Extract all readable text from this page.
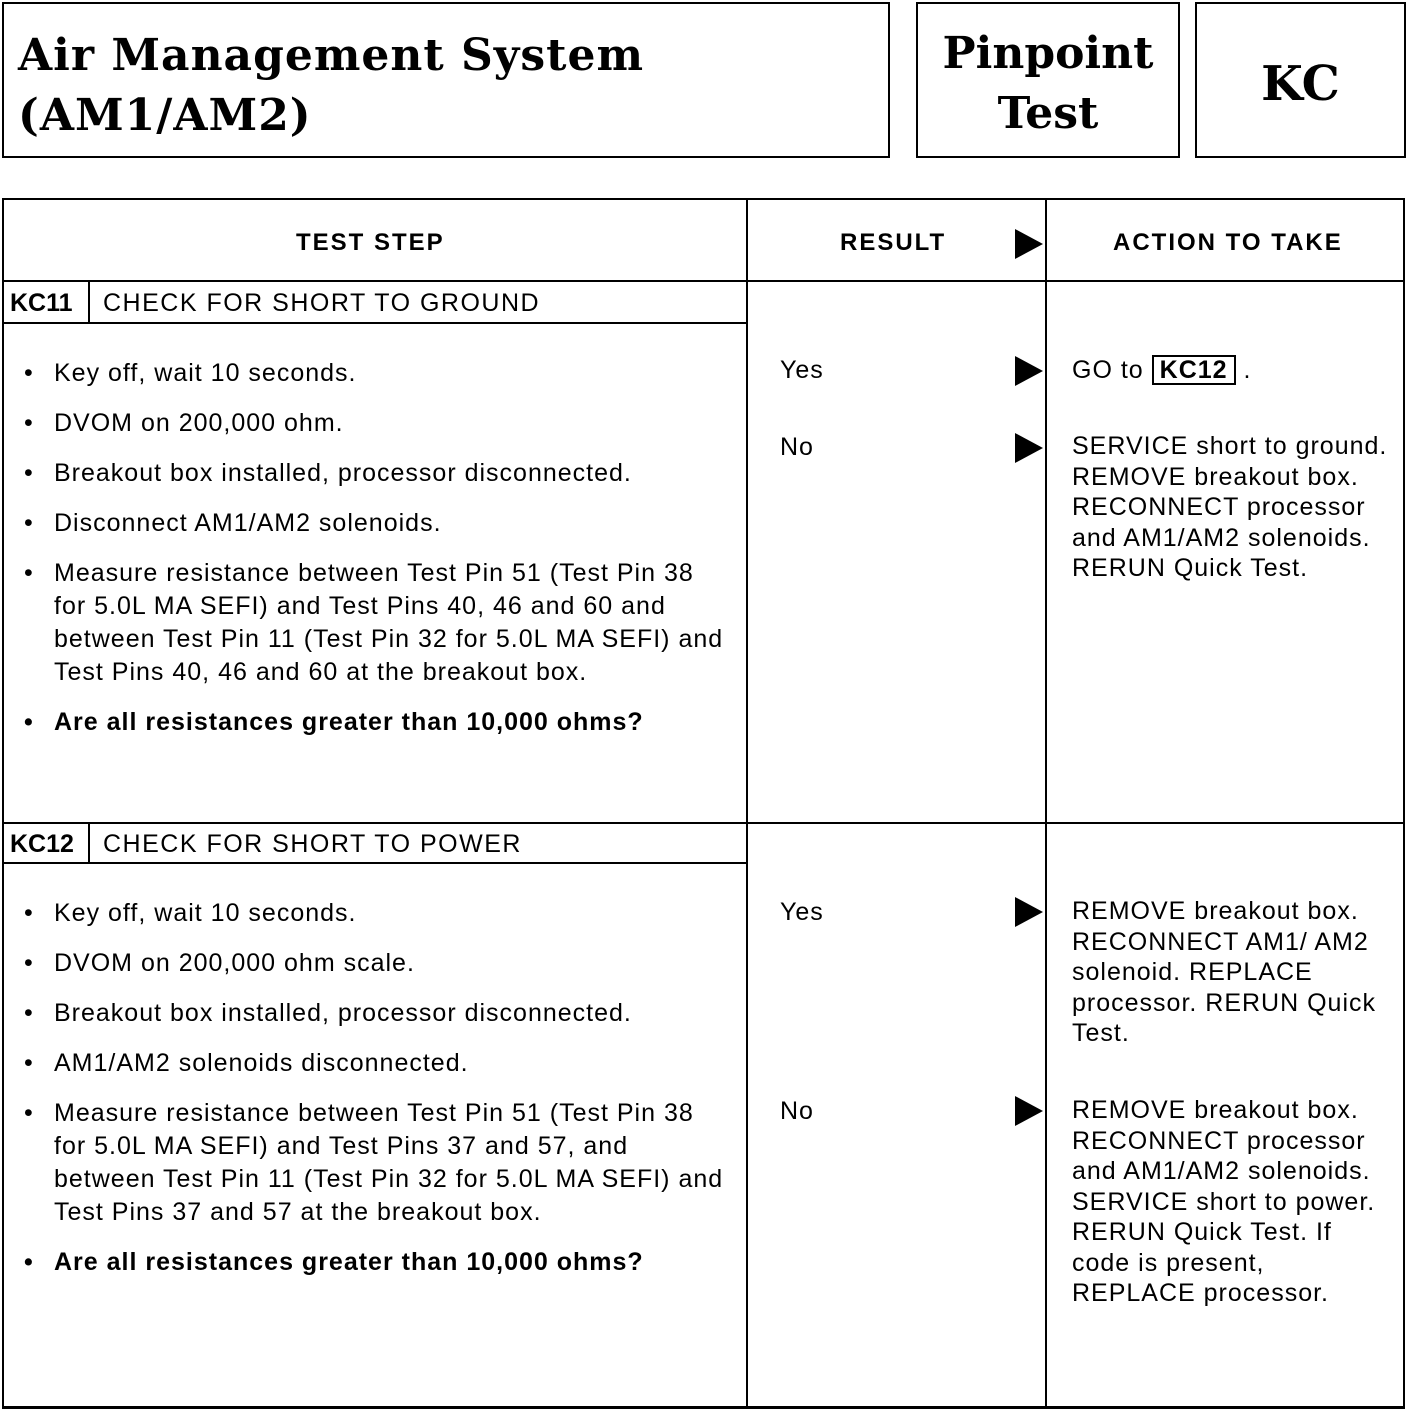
Air Management System
(AM1/AM2)
Pinpoint
Test
KC
TEST STEP	RESULT	ACTION TO TAKE
KC11 CHECK FOR SHORT TO GROUND
• Key off, wait 10 seconds.
• DVOM on 200,000 ohm.
• Breakout box installed, processor disconnected.
• Disconnect AM1/AM2 solenoids.
• Measure resistance between Test Pin 51 (Test Pin 38 for 5.0L MA SEFI) and Test Pins 40, 46 and 60 and between Test Pin 11 (Test Pin 32 for 5.0L MA SEFI) and Test Pins 40, 46 and 60 at the breakout box.
• Are all resistances greater than 10,000 ohms?
Yes	GO to KC12 .
No	SERVICE short to ground. REMOVE breakout box. RECONNECT processor and AM1/AM2 solenoids. RERUN Quick Test.
KC12 CHECK FOR SHORT TO POWER
• Key off, wait 10 seconds.
• DVOM on 200,000 ohm scale.
• Breakout box installed, processor disconnected.
• AM1/AM2 solenoids disconnected.
• Measure resistance between Test Pin 51 (Test Pin 38 for 5.0L MA SEFI) and Test Pins 37 and 57, and between Test Pin 11 (Test Pin 32 for 5.0L MA SEFI) and Test Pins 37 and 57 at the breakout box.
• Are all resistances greater than 10,000 ohms?
Yes	REMOVE breakout box. RECONNECT AM1/ AM2 solenoid. REPLACE processor. RERUN Quick Test.
No	REMOVE breakout box. RECONNECT processor and AM1/AM2 solenoids. SERVICE short to power. RERUN Quick Test. If code is present, REPLACE processor.
